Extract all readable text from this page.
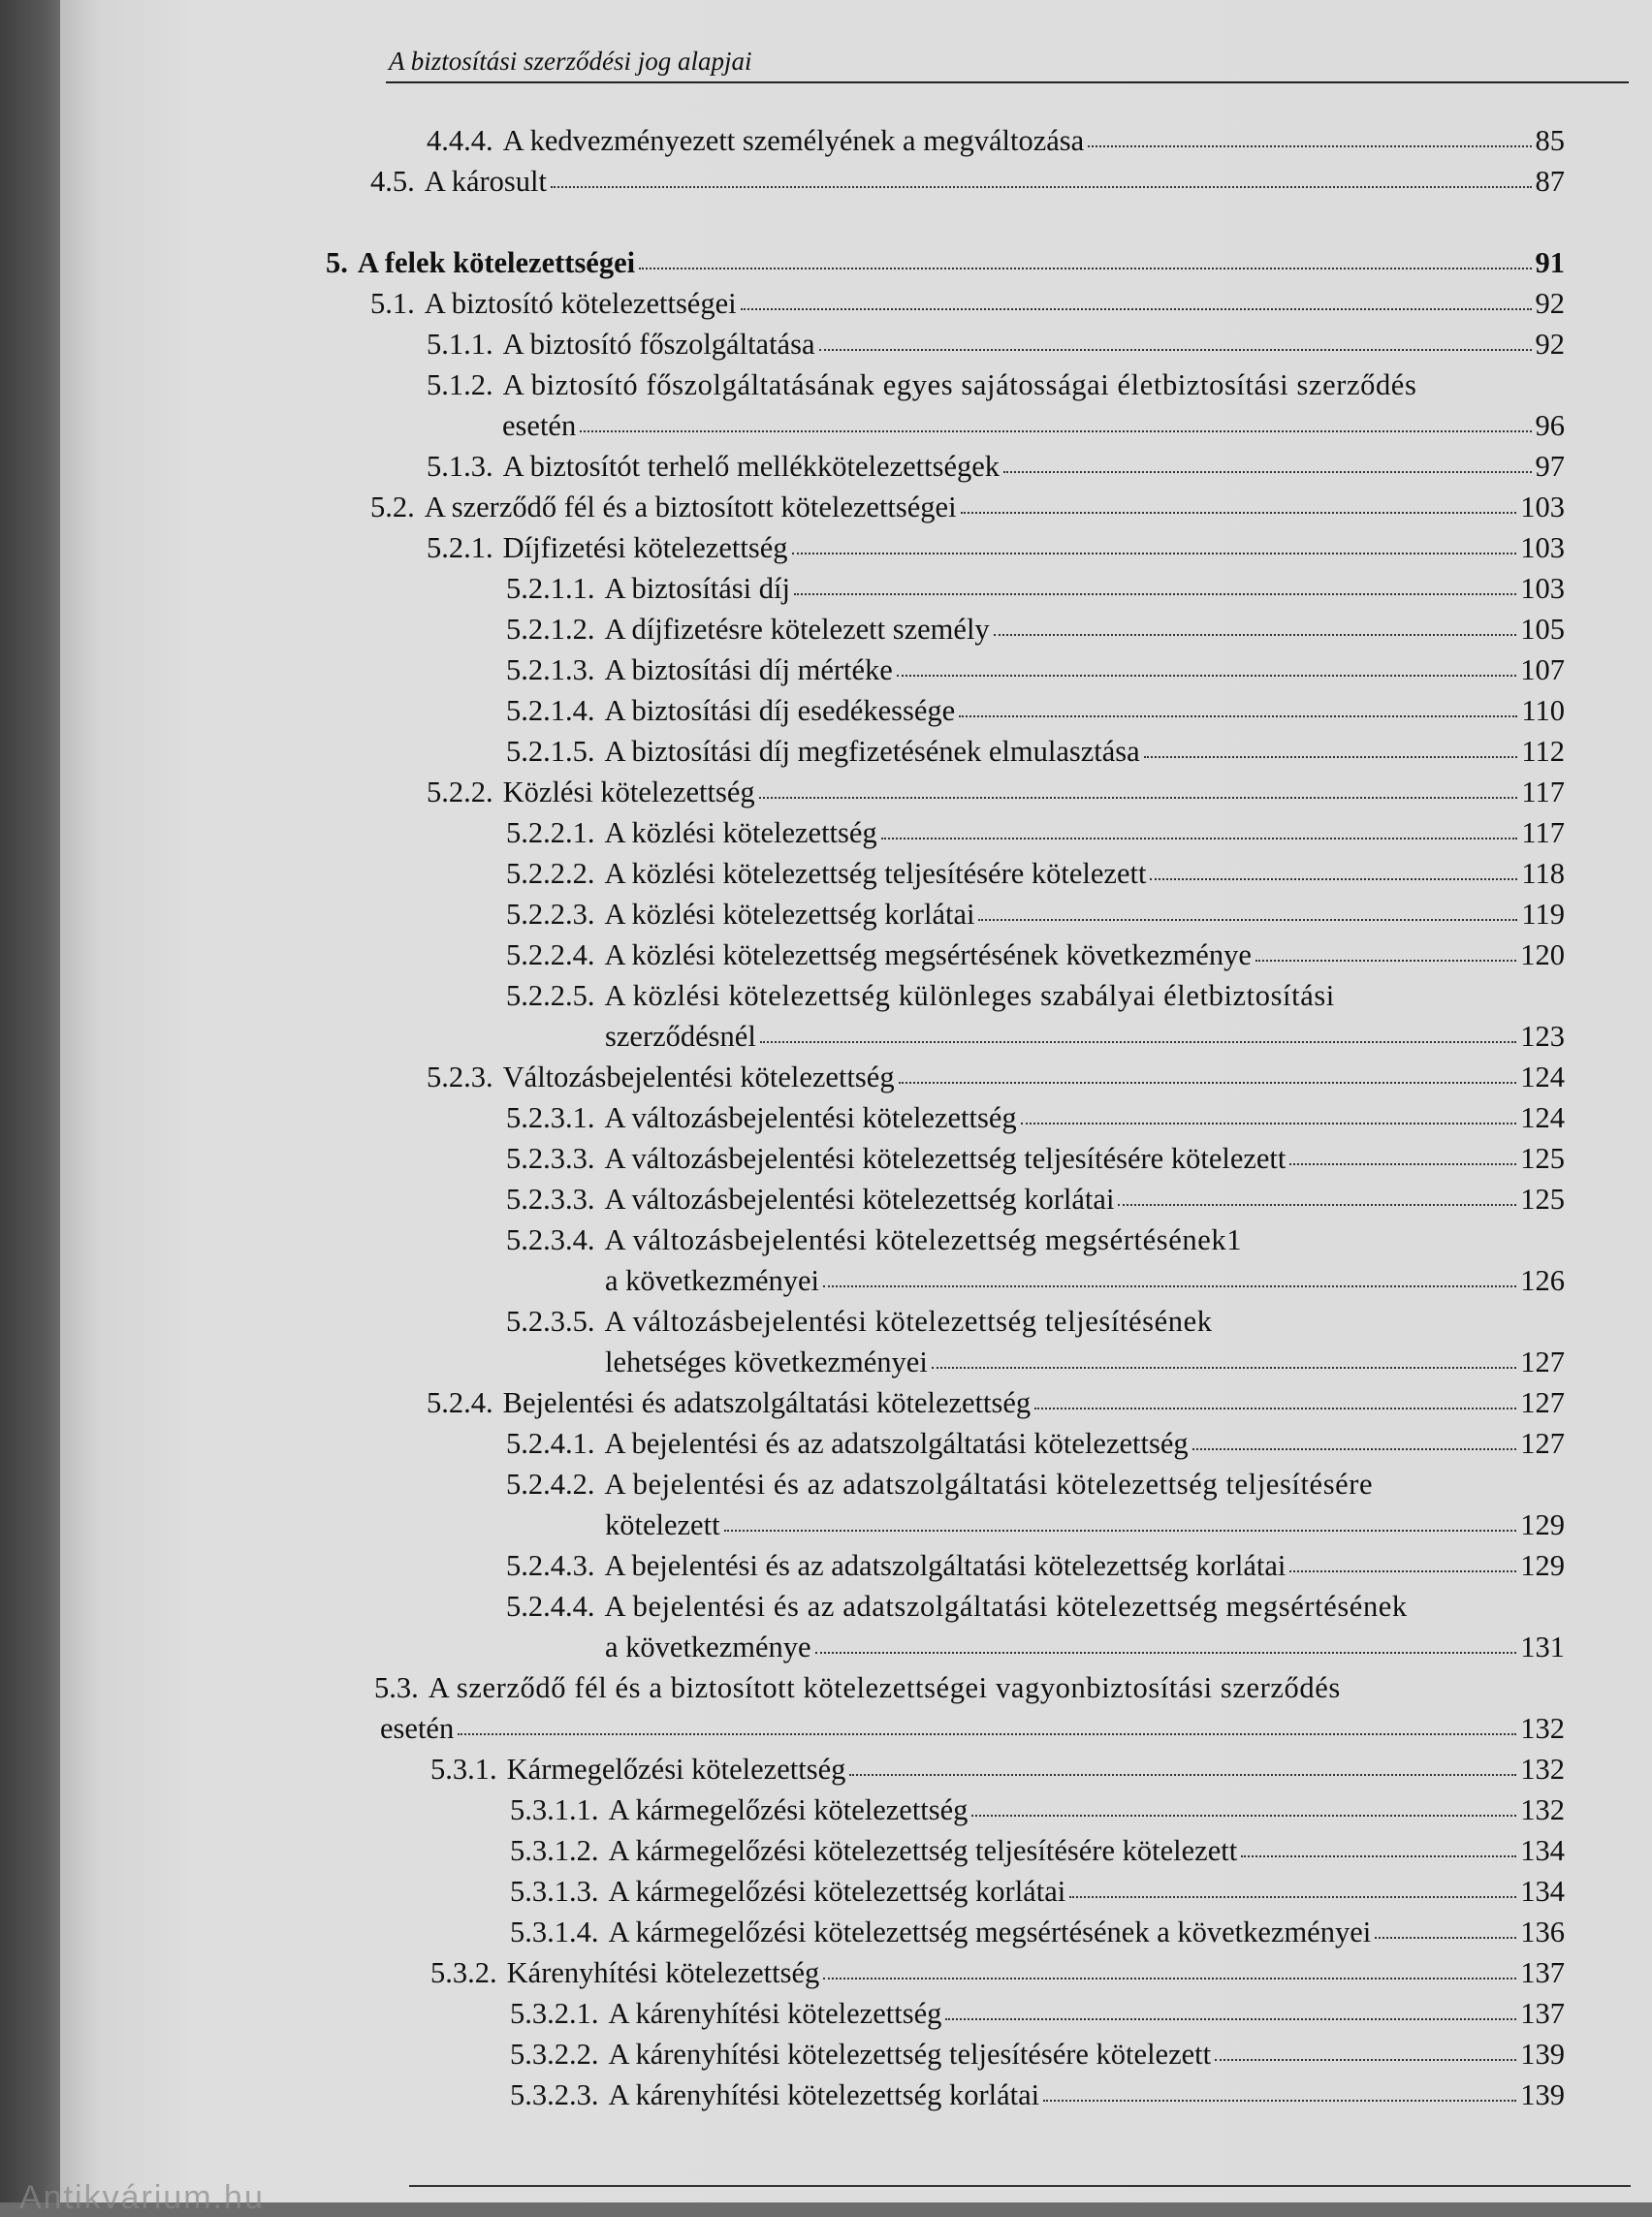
A biztosítási szerződési jog alapjai
4.4.4. A kedvezményezett személyének a megváltozása	85
4.5. A károsult	87
5. A felek kötelezettségei	91
5.1. A biztosító kötelezettségei	92
5.1.1. A biztosító főszolgáltatása	92
5.1.2. A biztosító főszolgáltatásának egyes sajátosságai életbiztosítási szerződés
esetén	96
5.1.3. A biztosítót terhelő mellékkötelezettségek	97
5.2. A szerződő fél és a biztosított kötelezettségei	103
5.2.1. Díjfizetési kötelezettség	103
5.2.1.1. A biztosítási díj	103
5.2.1.2. A díjfizetésre kötelezett személy	105
5.2.1.3. A biztosítási díj mértéke	107
5.2.1.4. A biztosítási díj esedékessége	110
5.2.1.5. A biztosítási díj megfizetésének elmulasztása	112
5.2.2. Közlési kötelezettség	117
5.2.2.1. A közlési kötelezettség	117
5.2.2.2. A közlési kötelezettség teljesítésére kötelezett	118
5.2.2.3. A közlési kötelezettség korlátai	119
5.2.2.4. A közlési kötelezettség megsértésének következménye	120
5.2.2.5. A közlési kötelezettség különleges szabályai életbiztosítási
szerződésnél	123
5.2.3. Változásbejelentési kötelezettség	124
5.2.3.1. A változásbejelentési kötelezettség	124
5.2.3.3. A változásbejelentési kötelezettség teljesítésére kötelezett	125
5.2.3.3. A változásbejelentési kötelezettség korlátai	125
5.2.3.4. A változásbejelentési kötelezettség megsértésének1
a következményei	126
5.2.3.5. A változásbejelentési kötelezettség teljesítésének
lehetséges következményei	127
5.2.4. Bejelentési és adatszolgáltatási kötelezettség	127
5.2.4.1. A bejelentési és az adatszolgáltatási kötelezettség	127
5.2.4.2. A bejelentési és az adatszolgáltatási kötelezettség teljesítésére
kötelezett	129
5.2.4.3. A bejelentési és az adatszolgáltatási kötelezettség korlátai	129
5.2.4.4. A bejelentési és az adatszolgáltatási kötelezettség megsértésének
a következménye	131
5.3. A szerződő fél és a biztosított kötelezettségei vagyonbiztosítási szerződés
esetén	132
5.3.1. Kármegelőzési kötelezettség	132
5.3.1.1. A kármegelőzési kötelezettség	132
5.3.1.2. A kármegelőzési kötelezettség teljesítésére kötelezett	134
5.3.1.3. A kármegelőzési kötelezettség korlátai	134
5.3.1.4. A kármegelőzési kötelezettség megsértésének a következményei	136
5.3.2. Kárenyhítési kötelezettség	137
5.3.2.1. A kárenyhítési kötelezettség	137
5.3.2.2. A kárenyhítési kötelezettség teljesítésére kötelezett	139
5.3.2.3. A kárenyhítési kötelezettség korlátai	139
Antikvárium.hu
